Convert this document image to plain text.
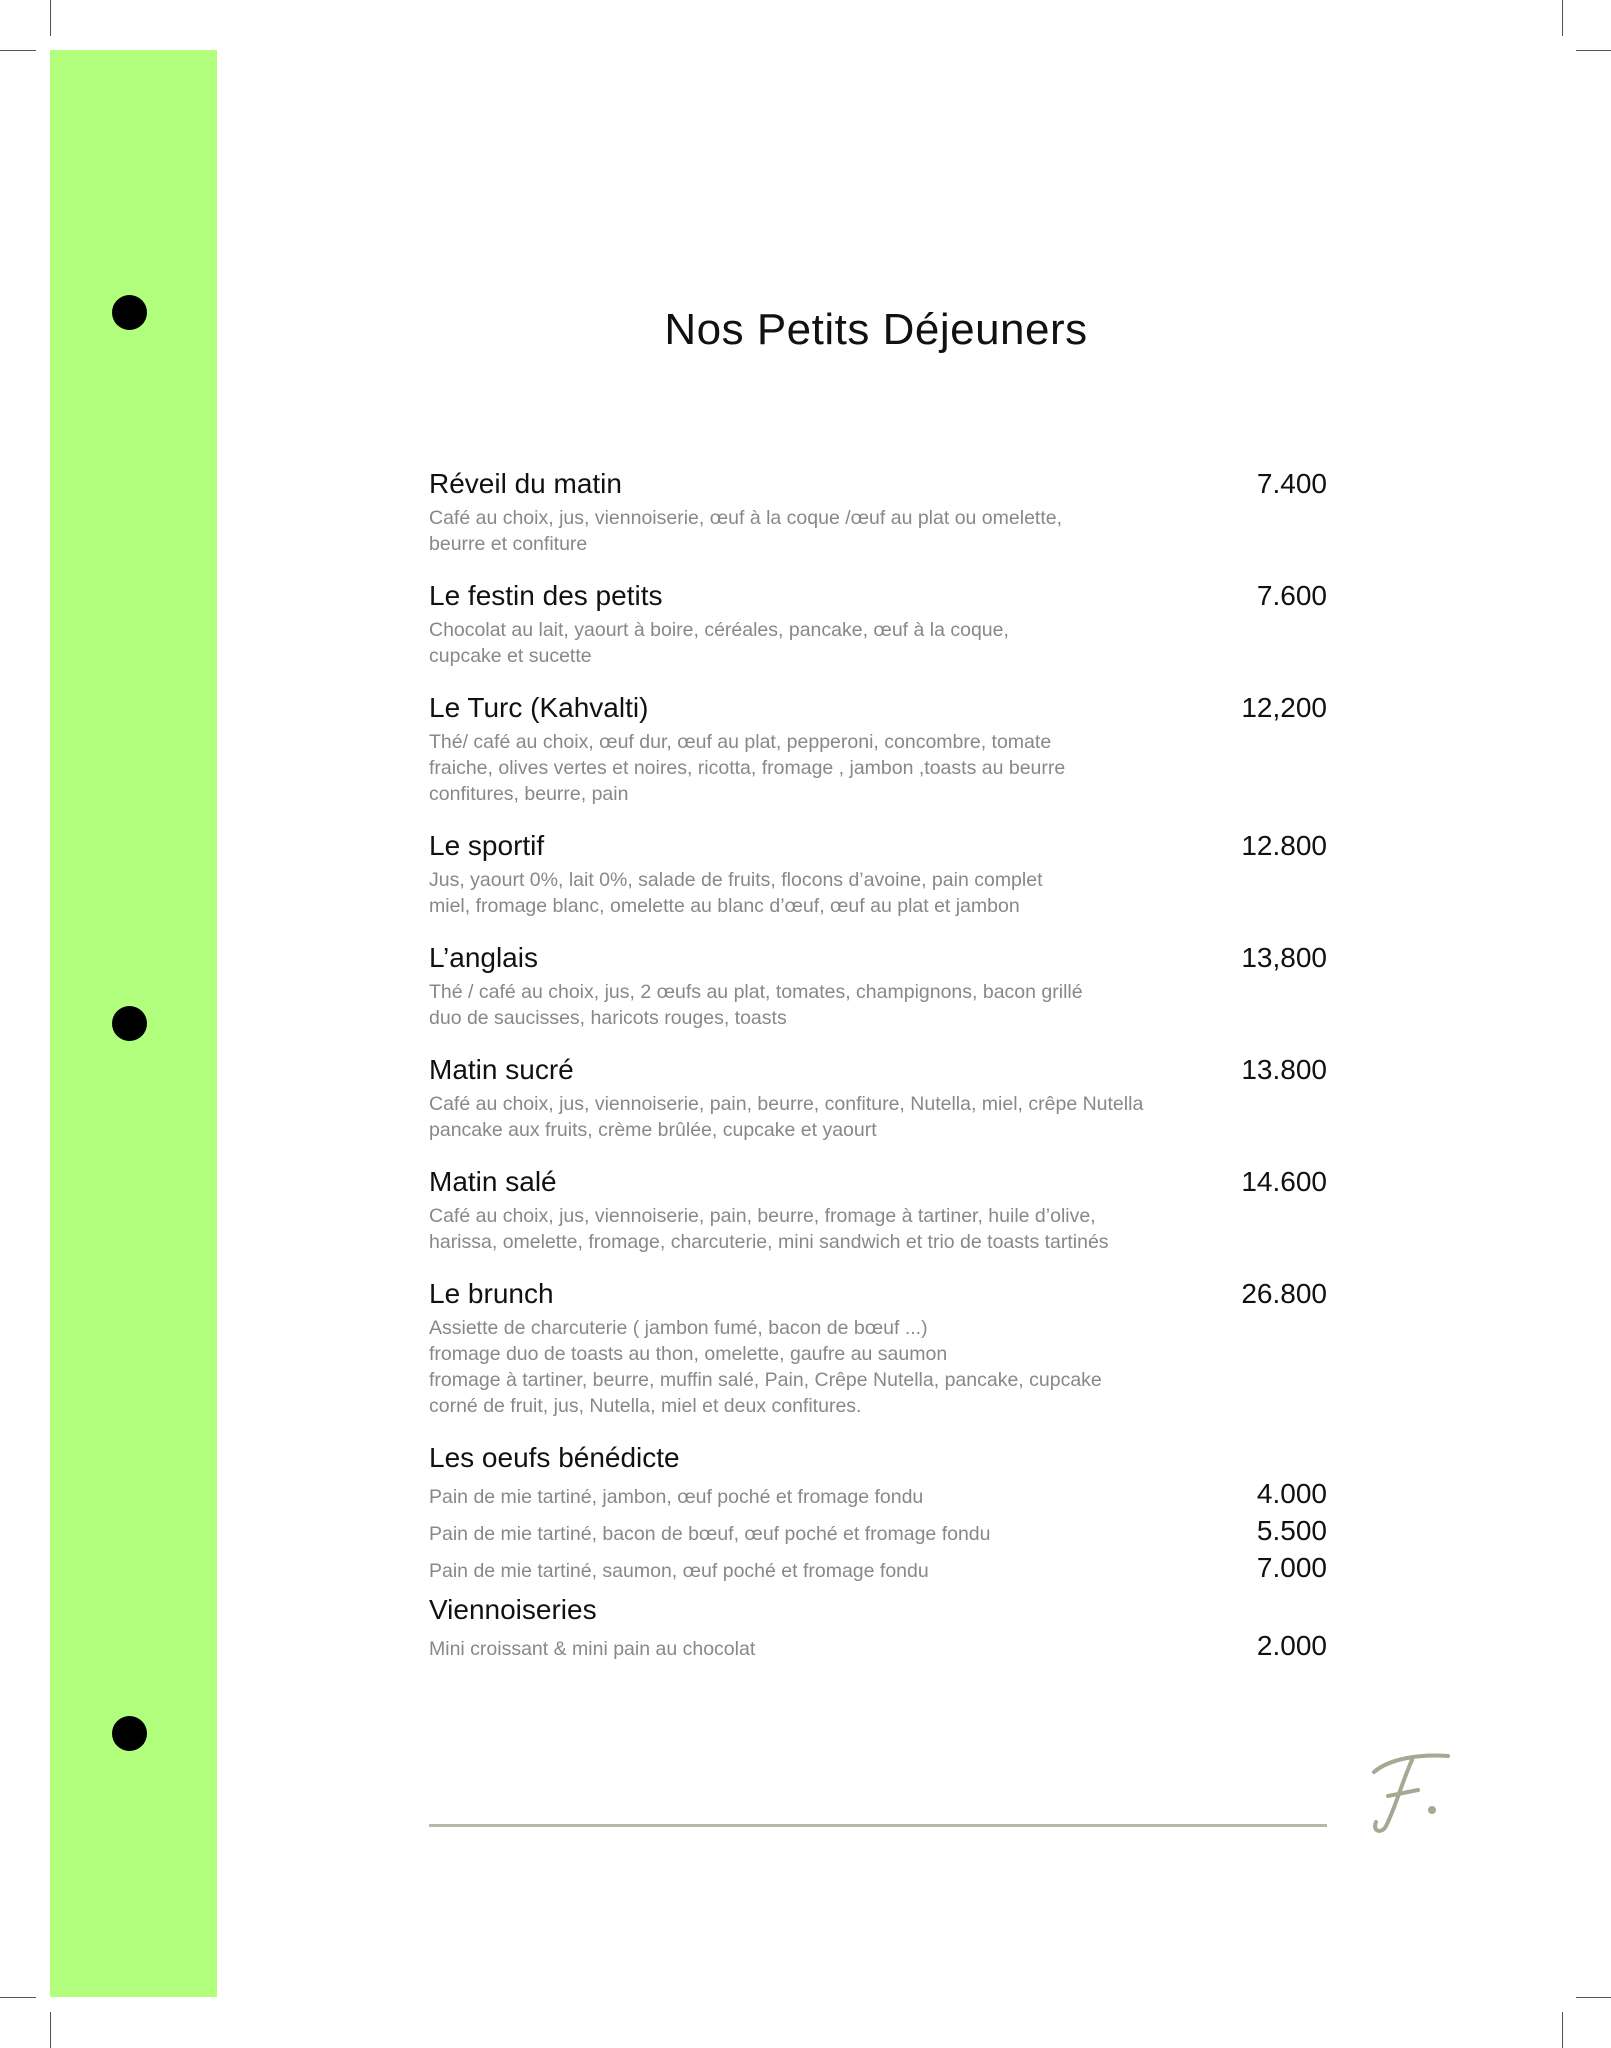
Nos Petits Déjeuners
Réveil du matin	7.400
Café au choix, jus, viennoiserie, œuf à la coque /œuf au plat ou omelette,
beurre et confiture
Le festin des petits	7.600
Chocolat au lait, yaourt à boire, céréales, pancake, œuf à la coque,
cupcake et sucette
Le Turc (Kahvalti)	12,200
Thé/ café au choix, œuf dur, œuf au plat, pepperoni, concombre, tomate
fraiche, olives vertes et noires, ricotta, fromage , jambon ,toasts au beurre
confitures, beurre, pain
Le sportif	12.800
Jus, yaourt 0%, lait 0%, salade de fruits, flocons d’avoine, pain complet
miel, fromage blanc, omelette au blanc d’œuf, œuf au plat et jambon
L’anglais	13,800
Thé / café au choix, jus, 2 œufs au plat, tomates, champignons, bacon grillé
duo de saucisses, haricots rouges, toasts
Matin sucré	13.800
Café au choix, jus, viennoiserie, pain, beurre, confiture, Nutella, miel, crêpe Nutella
pancake aux fruits, crème brûlée, cupcake et yaourt
Matin salé	14.600
Café au choix, jus, viennoiserie, pain, beurre, fromage à tartiner, huile d’olive,
harissa, omelette, fromage, charcuterie, mini sandwich et trio de toasts tartinés
Le brunch	26.800
Assiette de charcuterie ( jambon fumé, bacon de bœuf ...)
fromage duo de toasts au thon, omelette, gaufre au saumon
fromage à tartiner, beurre, muffin salé, Pain, Crêpe Nutella, pancake, cupcake
corné de fruit, jus, Nutella, miel et deux confitures.
Les oeufs bénédicte
Pain de mie tartiné, jambon, œuf poché et fromage fondu	4.000
Pain de mie tartiné, bacon de bœuf, œuf poché et fromage fondu	5.500
Pain de mie tartiné, saumon, œuf poché et fromage fondu	7.000
Viennoiseries
Mini croissant & mini pain au chocolat	2.000
